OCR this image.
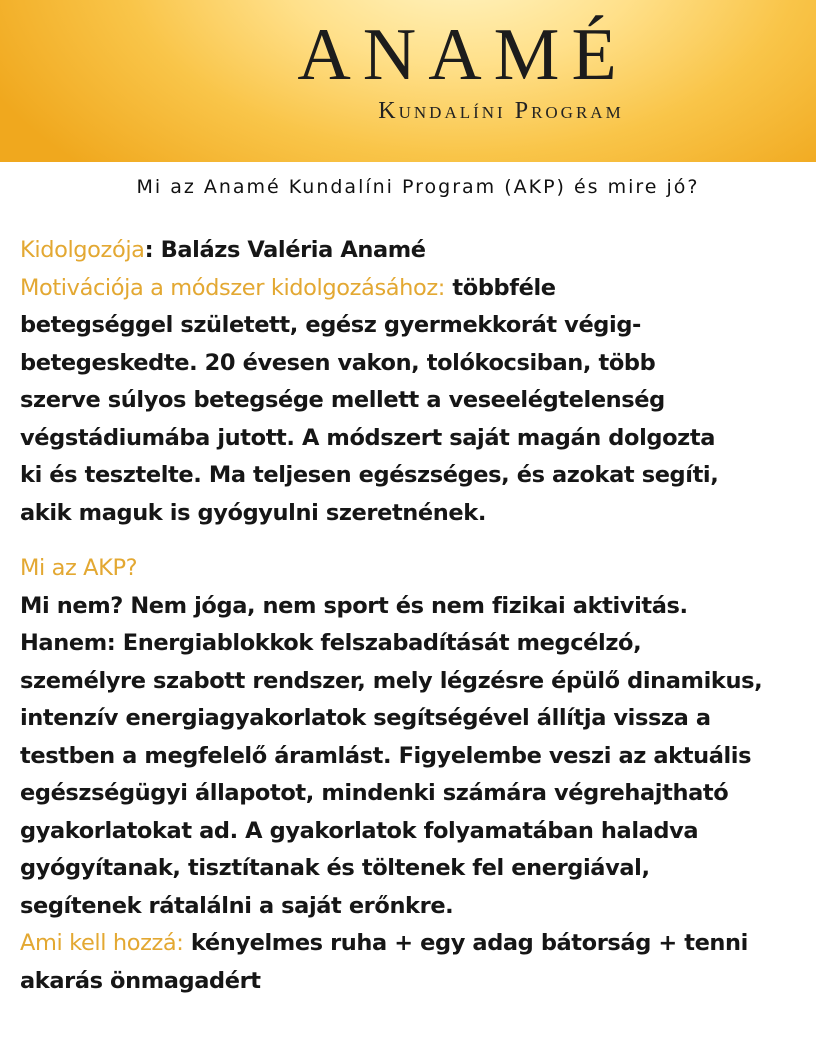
ANAMÉ
Kundalíni Program
Mi az Anamé Kundalíni Program (AKP) és mire jó?
Kidolgozója: Balázs Valéria Anamé
Motivációja a módszer kidolgozásához: többféle
betegséggel született, egész gyermekkorát végig-
betegeskedte. 20 évesen vakon, tolókocsiban, több
szerve súlyos betegsége mellett a veseelégtelenség
végstádiumába jutott. A módszert saját magán dolgozta
ki és tesztelte. Ma teljesen egészséges, és azokat segíti,
akik maguk is gyógyulni szeretnének.
Mi az AKP?
Mi nem? Nem jóga, nem sport és nem fizikai aktivitás.
Hanem: Energiablokkok felszabadítását megcélzó,
személyre szabott rendszer, mely légzésre épülő dinamikus,
intenzív energiagyakorlatok segítségével állítja vissza a
testben a megfelelő áramlást. Figyelembe veszi az aktuális
egészségügyi állapotot, mindenki számára végrehajtható
gyakorlatokat ad. A gyakorlatok folyamatában haladva
gyógyítanak, tisztítanak és töltenek fel energiával,
segítenek rátalálni a saját erőnkre.
Ami kell hozzá: kényelmes ruha + egy adag bátorság + tenni
akarás önmagadért
